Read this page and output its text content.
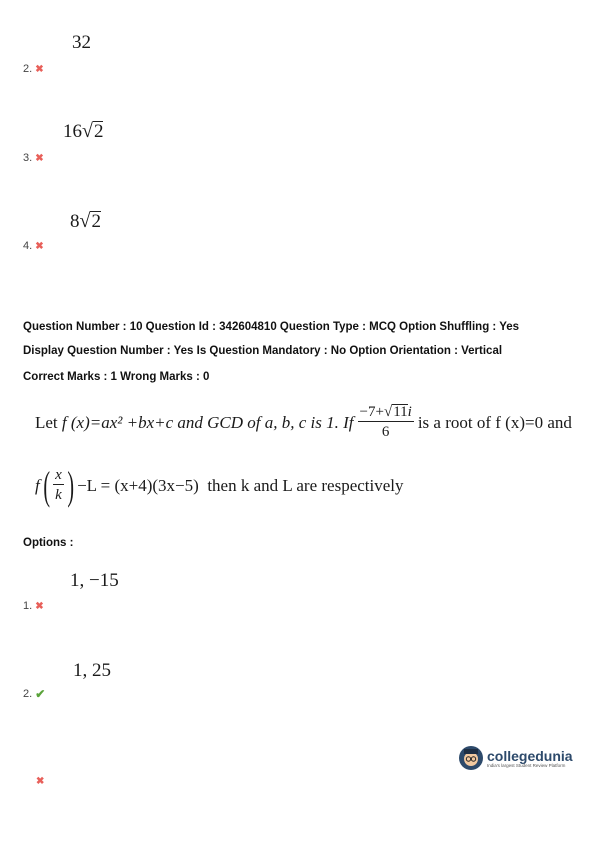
32
2. ✖
16√2
3. ✖
8√2
4. ✖
Question Number : 10 Question Id : 342604810 Question Type : MCQ Option Shuffling : Yes
Display Question Number : Yes Is Question Mandatory : No Option Orientation : Vertical
Correct Marks : 1 Wrong Marks : 0
Let
f (x)=ax² +bx+c and GCD of a, b, c is 1. If $\frac{-7+√11i}{6}$ is a root of f (x)=0 and
f ( $\frac{x}{k}$ ) −L = (x+4)(3x−5)
then k and L are respectively
Options :
1, −15
1. ✖
1, 25
2. ✔
✖
collegedunia
India's largest Student Review Platform
